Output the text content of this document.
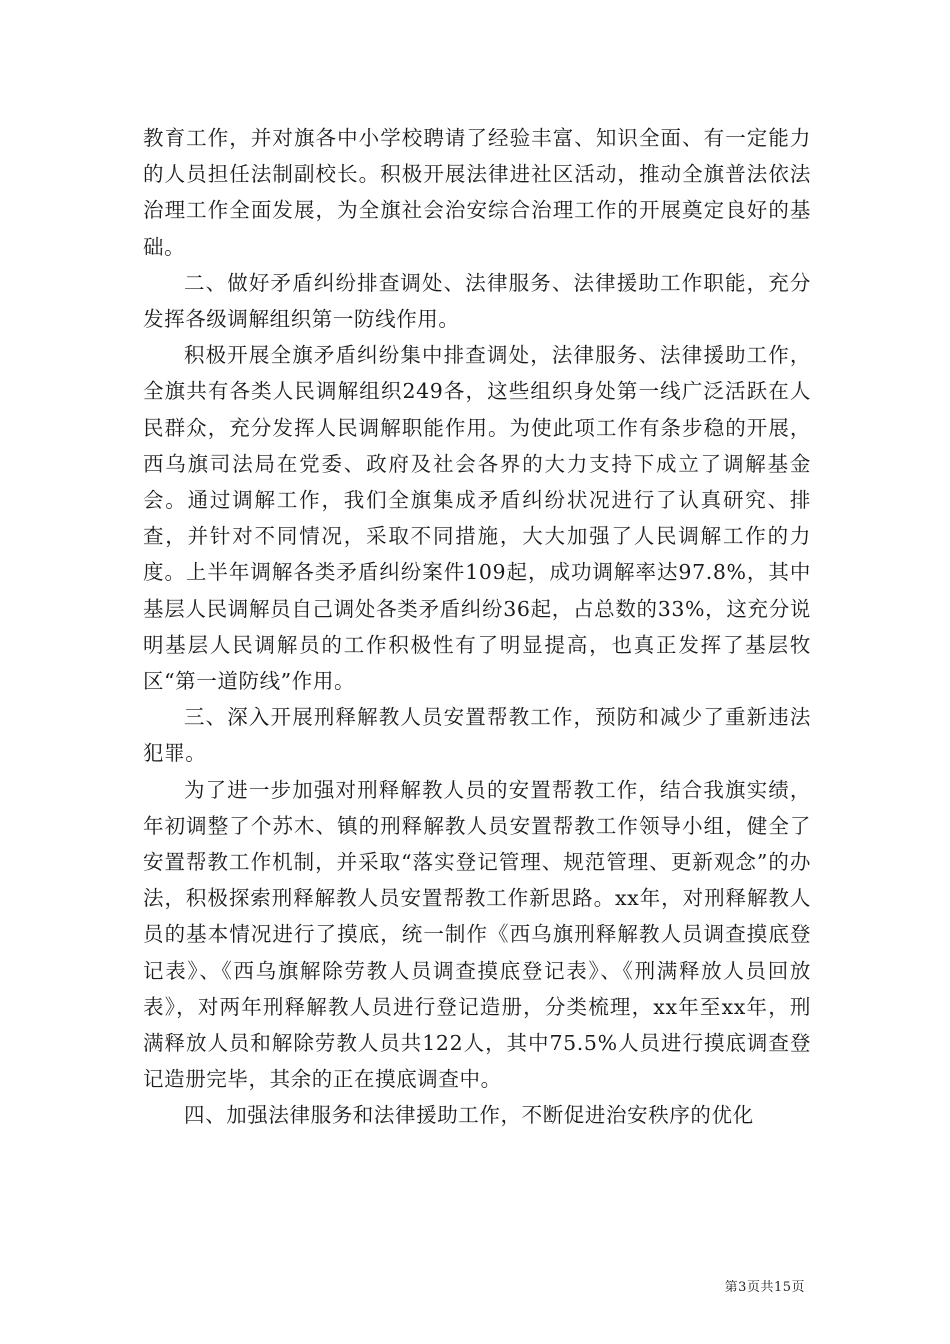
教育工作，并对旗各中小学校聘请了经验丰富、知识全面、有一定能力的人员担任法制副校长。积极开展法律进社区活动，推动全旗普法依法治理工作全面发展，为全旗社会治安综合治理工作的开展奠定良好的基础。

二、做好矛盾纠纷排查调处、法律服务、法律援助工作职能，充分发挥各级调解组织第一防线作用。

积极开展全旗矛盾纠纷集中排查调处，法律服务、法律援助工作，全旗共有各类人民调解组织249各，这些组织身处第一线广泛活跃在人民群众，充分发挥人民调解职能作用。为使此项工作有条步稳的开展，西乌旗司法局在党委、政府及社会各界的大力支持下成立了调解基金会。通过调解工作，我们全旗集成矛盾纠纷状况进行了认真研究、排查，并针对不同情况，采取不同措施，大大加强了人民调解工作的力度。上半年调解各类矛盾纠纷案件109起，成功调解率达97.8%，其中基层人民调解员自己调处各类矛盾纠纷36起，占总数的33%，这充分说明基层人民调解员的工作积极性有了明显提高，也真正发挥了基层牧区“第一道防线”作用。

三、深入开展刑释解教人员安置帮教工作，预防和减少了重新违法犯罪。

为了进一步加强对刑释解教人员的安置帮教工作，结合我旗实绩，年初调整了个苏木、镇的刑释解教人员安置帮教工作领导小组，健全了安置帮教工作机制，并采取“落实登记管理、规范管理、更新观念”的办法，积极探索刑释解教人员安置帮教工作新思路。xx年，对刑释解教人员的基本情况进行了摸底，统一制作《西乌旗刑释解教人员调查摸底登记表》、《西乌旗解除劳教人员调查摸底登记表》、《刑满释放人员回放表》，对两年刑释解教人员进行登记造册，分类梳理，xx年至xx年，刑满释放人员和解除劳教人员共122人，其中75.5%人员进行摸底调查登记造册完毕，其余的正在摸底调查中。

四、加强法律服务和法律援助工作，不断促进治安秩序的优化

第3页共15页
